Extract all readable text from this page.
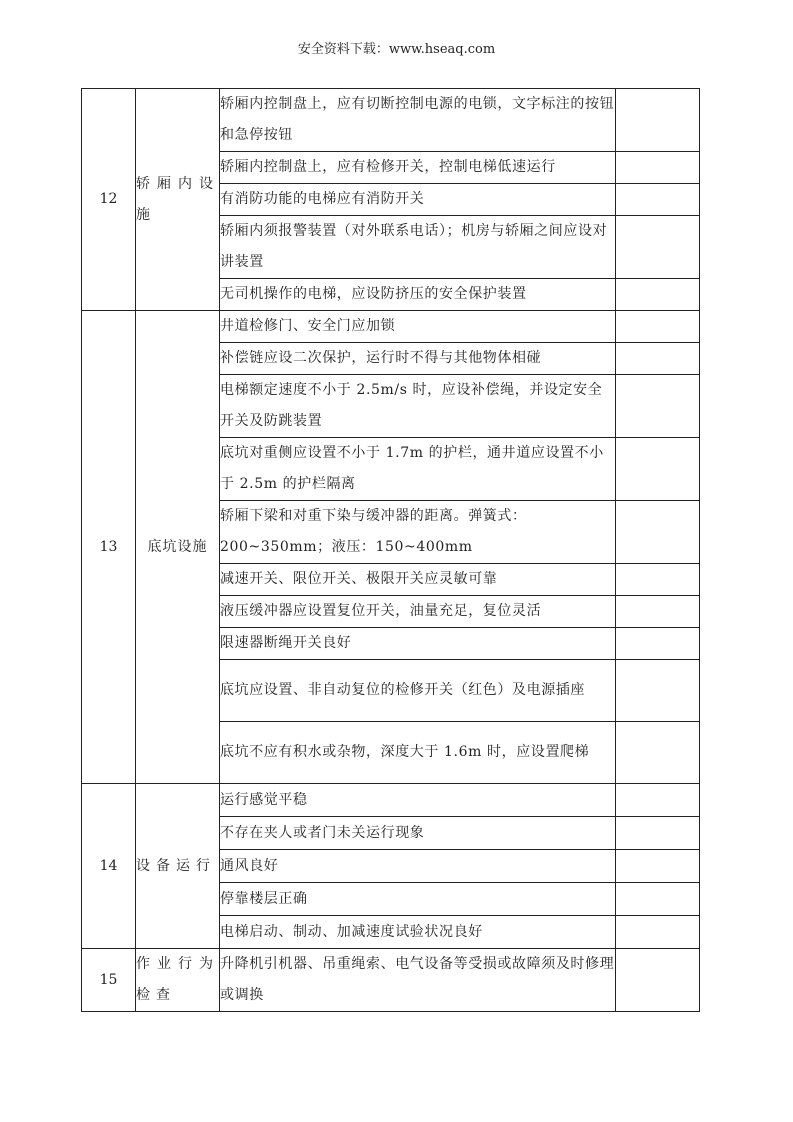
安全资料下载：www.hseaq.com
12	轿厢内设施	轿厢内控制盘上，应有切断控制电源的电锁，文字标注的按钮和急停按钮	
		轿厢内控制盘上，应有检修开关，控制电梯低速运行	
		有消防功能的电梯应有消防开关	
		轿厢内须报警装置（对外联系电话）；机房与轿厢之间应设对讲装置	
		无司机操作的电梯，应设防挤压的安全保护装置	
13	底坑设施	井道检修门、安全门应加锁	
		补偿链应设二次保护，运行时不得与其他物体相碰	
		电梯额定速度不小于 2.5m/s 时，应设补偿绳，并设定安全开关及防跳装置	
		底坑对重侧应设置不小于 1.7m 的护栏，通井道应设置不小于 2.5m 的护栏隔离	
		轿厢下梁和对重下染与缓冲器的距离。弹簧式：200~350mm；液压：150~400mm	
		减速开关、限位开关、极限开关应灵敏可靠	
		液压缓冲器应设置复位开关，油量充足，复位灵活	
		限速器断绳开关良好	
		底坑应设置、非自动复位的检修开关（红色）及电源插座	
		底坑不应有积水或杂物，深度大于 1.6m 时，应设置爬梯	
14	设备运行	运行感觉平稳	
		不存在夹人或者门未关运行现象	
		通风良好	
		停靠楼层正确	
		电梯启动、制动、加减速度试验状况良好	
15	作业行为检查	升降机引机器、吊重绳索、电气设备等受损或故障须及时修理或调换	
